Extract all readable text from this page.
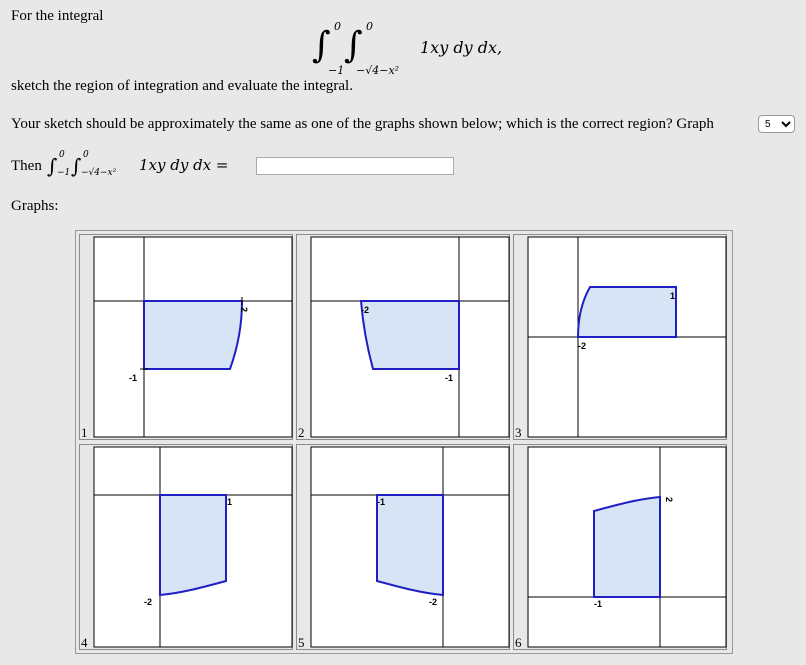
For the integral
∫ 0
−1
∫ 0
−√4−x²
1xy dy dx,
sketch the region of integration and evaluate the integral.
Your sketch should be approximately the same as one of the graphs shown below; which is the correct region? Graph
5
Then ∫ 0
−1 ∫ 0
−√4−x² 1xy dy dx =
Graphs:
2
-1
1
-2
-1
2
1
-2
3
1
-2
4
-1
-2
5
2
-1
6
